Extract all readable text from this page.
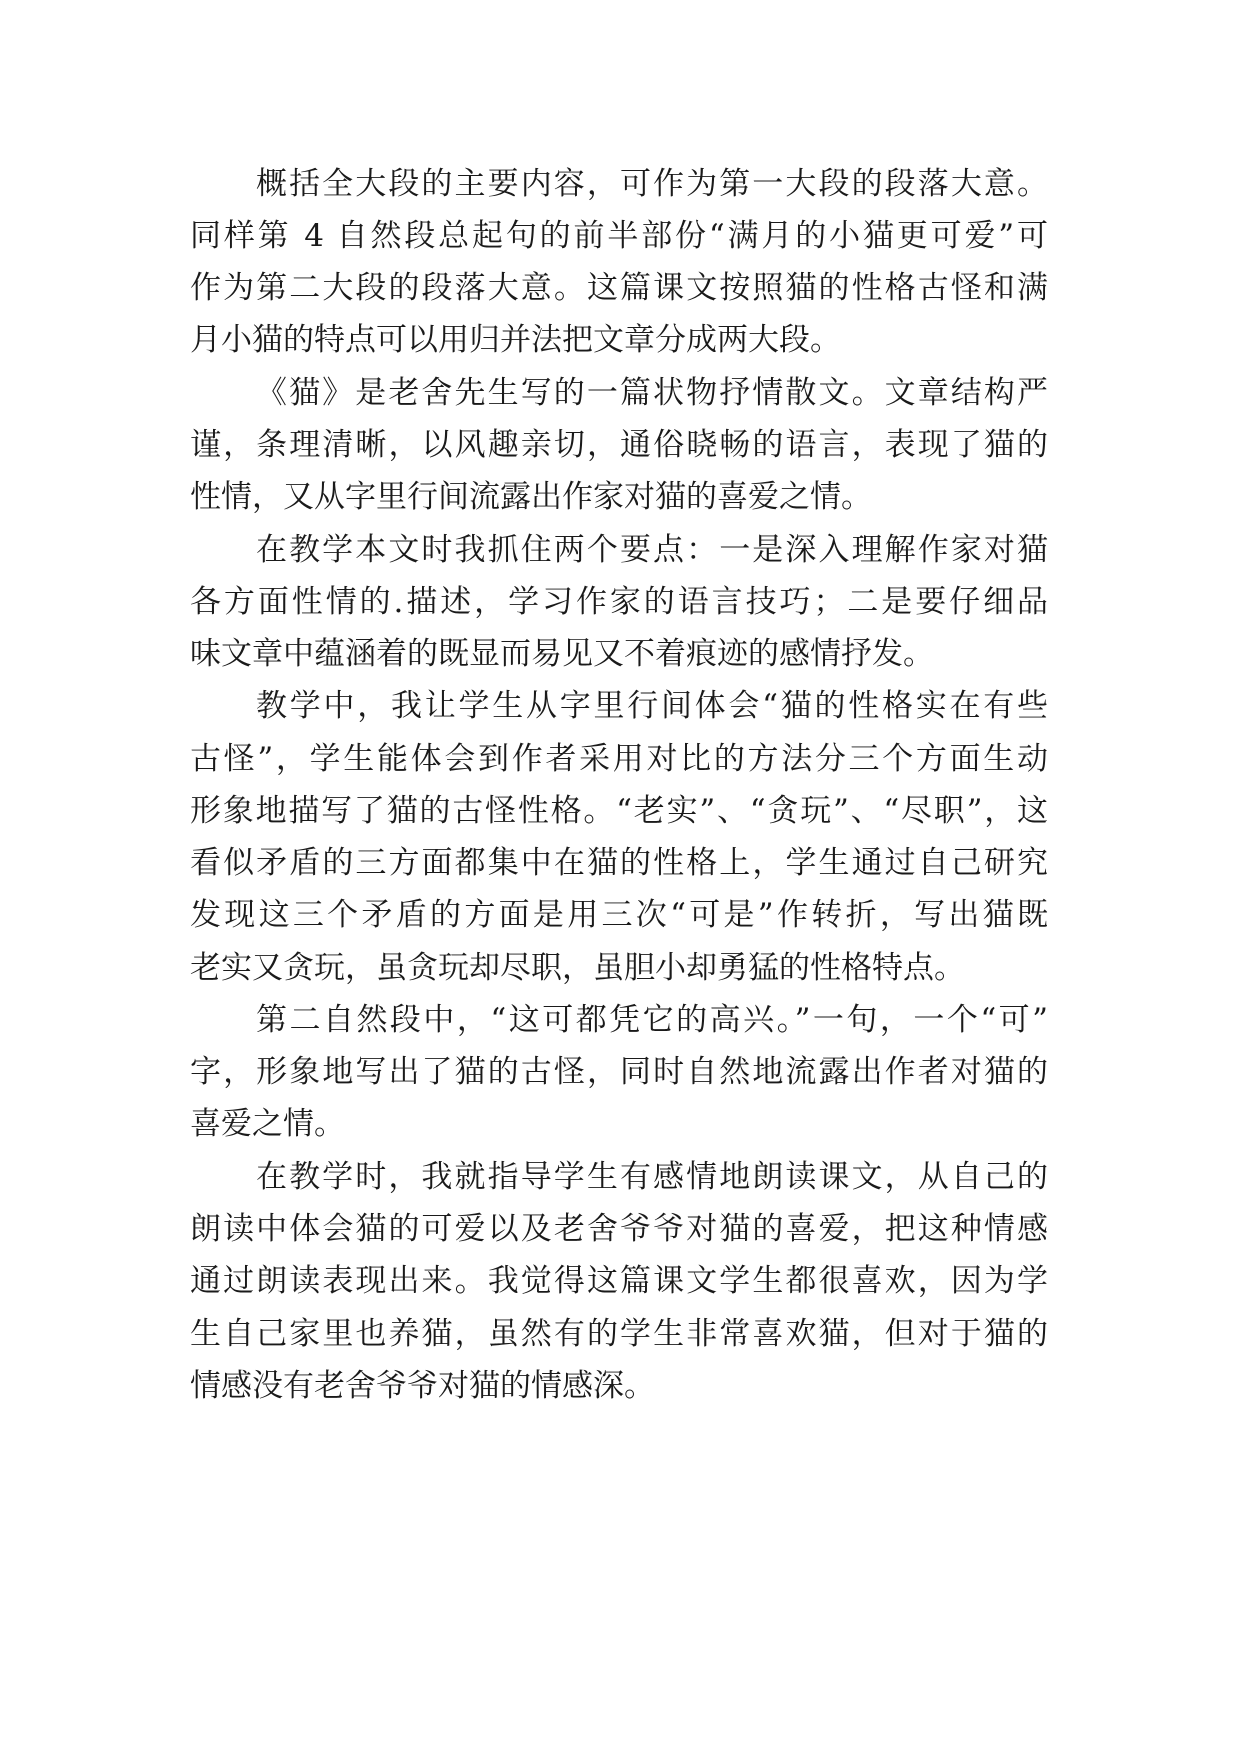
概括全大段的主要内容，可作为第一大段的段落大意。
同样第 4 自然段总起句的前半部份“满月的小猫更可爱”可
作为第二大段的段落大意。这篇课文按照猫的性格古怪和满
月小猫的特点可以用归并法把文章分成两大段。
《猫》是老舍先生写的一篇状物抒情散文。文章结构严
谨，条理清晰，以风趣亲切，通俗晓畅的语言，表现了猫的
性情，又从字里行间流露出作家对猫的喜爱之情。
在教学本文时我抓住两个要点：一是深入理解作家对猫
各方面性情的.描述，学习作家的语言技巧；二是要仔细品
味文章中蕴涵着的既显而易见又不着痕迹的感情抒发。
教学中，我让学生从字里行间体会“猫的性格实在有些
古怪”，学生能体会到作者采用对比的方法分三个方面生动
形象地描写了猫的古怪性格。“老实”、“贪玩”、“尽职”，这
看似矛盾的三方面都集中在猫的性格上，学生通过自己研究
发现这三个矛盾的方面是用三次“可是”作转折，写出猫既
老实又贪玩，虽贪玩却尽职，虽胆小却勇猛的性格特点。
第二自然段中，“这可都凭它的高兴。”一句，一个“可”
字，形象地写出了猫的古怪，同时自然地流露出作者对猫的
喜爱之情。
在教学时，我就指导学生有感情地朗读课文，从自己的
朗读中体会猫的可爱以及老舍爷爷对猫的喜爱，把这种情感
通过朗读表现出来。我觉得这篇课文学生都很喜欢，因为学
生自己家里也养猫，虽然有的学生非常喜欢猫，但对于猫的
情感没有老舍爷爷对猫的情感深。
